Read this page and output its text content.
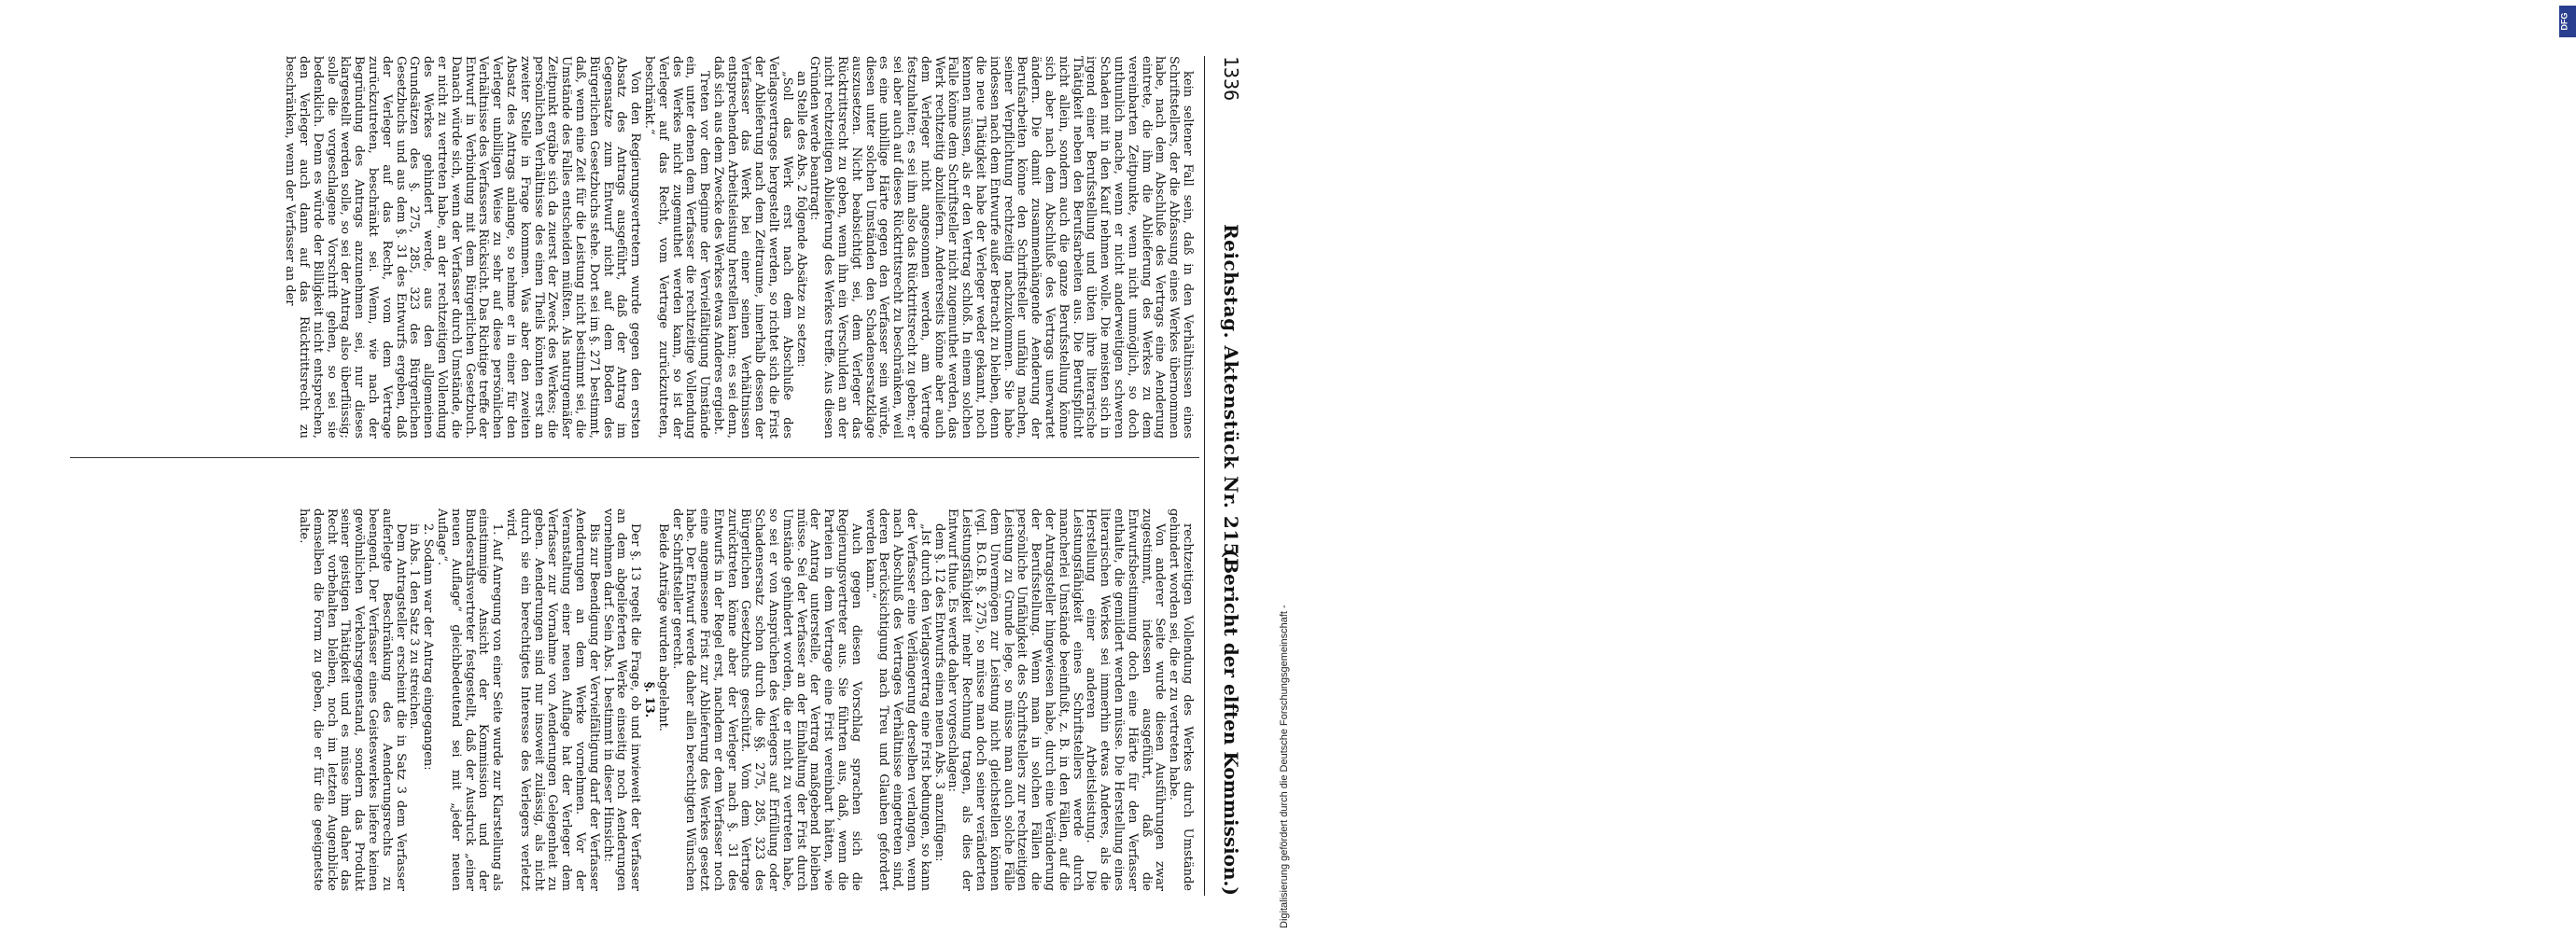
DFG
Digitalisierung gefördert durch die Deutsche Forschungsgemeinschaft -
1336
Reichstag. Aktenstück Nr. 215.
(Bericht der elften Kommission.)

kein seltener Fall sein, daß in den Verhältnissen eines Schriftstellers, der die Abfassung eines Werkes übernommen habe, nach dem Abschluße des Vertrags eine Aenderung eintrete, die ihm die Ablieferung des Werkes zu dem vereinbarten Zeitpunkte, wenn nicht unmöglich, so doch unthunlich mache, wenn er nicht anderweitigen schweren Schaden mit in den Kauf nehmen wolle. Die meisten sich in irgend einer Berufsstellung und übten ihre literarische Thätigkeit neben den Berufsarbeiten aus. Die Berufspflicht nicht allein, sondern auch die ganze Berufsstellung könne sich aber nach dem Abschluße des Vertrags unerwartet ändern. Die damit zusammenhängende Aenderung der Berufsarbeiten könne den Schriftsteller unfähig machen, seiner Verpflichtung rechtzeitig nachzukommen. Sie habe indessen nach dem Entwurfe außer Betracht zu bleiben, denn die neue Thätigkeit habe der Verleger weder gekannt, noch kennen müssen, als er den Vertrag schloß. In einem solchen Falle könne dem Schriftsteller nicht zugemuthet werden, das Werk rechtzeitig abzuliefern. Andererseits könne aber auch dem Verleger nicht angesonnen werden, am Vertrage festzuhalten; es sei ihm also das Rücktrittsrecht zu geben; er sei aber auch auf dieses Rücktrittsrecht zu beschränken, weil es eine unbillige Härte gegen den Verfasser sein würde, diesen unter solchen Umständen den Schadensersatzklage auszusetzen. Nicht beabsichtigt sei, dem Verleger das Rücktrittsrecht zu geben, wenn ihn ein Verschulden an der nicht rechtzeitigen Ablieferung des Werkes treffe. Aus diesen Gründen werde beantragt:

an Stelle des Abs. 2 folgende Absätze zu setzen:

„Soll das Werk erst nach dem Abschluße des Verlagsvertrages hergestellt werden, so richtet sich die Frist der Ablieferung nach dem Zeitraume, innerhalb dessen der Verfasser das Werk bei einer seinen Verhältnissen entsprechenden Arbeitsleistung herstellen kann; es sei denn, daß sich aus dem Zwecke des Werkes etwas Anderes ergiebt.

Treten vor dem Beginne der Vervielfältigung Umstände ein, unter denen dem Verfasser die rechtzeitige Vollendung des Werkes nicht zugemuthet werden kann, so ist der Verleger auf das Recht, vom Vertrage zurückzutreten, beschränkt.“

Von den Regierungsvertretern wurde gegen den ersten Absatz des Antrags ausgeführt, daß der Antrag im Gegensatze zum Entwurf nicht auf dem Boden des Bürgerlichen Gesetzbuchs stehe. Dort sei im §. 271 bestimmt, daß, wenn eine Zeit für die Leistung nicht bestimmt sei, die Umstände des Falles entscheiden müßten. Als naturgemäßer Zeitpunkt ergäbe sich da zuerst der Zweck des Werkes; die persönlichen Verhältnisse des einen Theils könnten erst an zweiter Stelle in Frage kommen. Was aber den zweiten Absatz des Antrags anlange, so nehme er in einer für den Verleger unbilligen Weise zu sehr auf diese persönlichen Verhältnisse des Verfassers Rücksicht. Das Richtige treffe der Entwurf in Verbindung mit dem Bürgerlichen Gesetzbuch. Danach würde sich, wenn der Verfasser durch Umstände, die er nicht zu vertreten habe, an der rechtzeitigen Vollendung des Werkes gehindert werde, aus den allgemeinen Grundsätzen des §. 275, 285, 323 des Bürgerlichen Gesetzbuchs und aus dem §. 31 des Entwurfs ergeben, daß der Verleger auf das Recht, vom dem Vertrage zurückzutreten, beschränkt sei. Wenn, wie nach der Begründung des Antrags anzunehmen sei, nur dieses klargestellt werden solle, so sei der Antrag also überflüssig; solle die vorgeschlagene Vorschrift gehen, so sei sie bedenklich. Denn es würde der Billigkeit nicht entsprechen, den Verleger auch dann auf das Rücktrittsrecht zu beschränken, wenn der Verfasser an der

rechtzeitigen Vollendung des Werkes durch Umstände gehindert worden sei, die er zu vertreten habe.

Von anderer Seite wurde diesen Ausführungen zwar zugestimmt, indessen ausgeführt, daß die Entwurfsbestimmung doch eine Härte für den Verfasser enthalte, die gemildert werden müsse. Die Herstellung eines literarischen Werkes sei immerhin etwas Anderes, als die Herstellung einer anderen Arbeitsleistung. Die Leistungsfähigkeit eines Schriftstellers werde durch mancherlei Umstände beeinflußt, z. B. in den Fällen, auf die der Antragsteller hingewiesen habe, durch eine Veränderung der Berufsstellung. Wenn man in solchen Fällen die persönliche Unfähigkeit des Schriftstellers zur rechtzeitigen Leistung zu Grunde lege, so müsse man auch solche Fälle dem Unvermögen zur Leistung nicht gleichstellen können (vgl. B.G.B. §. 275), so müsse man doch seiner veränderten Leistungsfähigkeit mehr Rechnung tragen, als dies der Entwurf thue. Es werde daher vorgeschlagen:

dem §. 12 des Entwurfs einen neuen Abs. 3 anzufügen:

„Ist durch den Verlagsvertrag eine Frist bedungen, so kann der Verfasser eine Verlängerung derselben verlangen, wenn nach Abschluß des Vertrages Verhältnisse eingetreten sind, deren Berücksichtigung nach Treu und Glauben gefordert werden kann.“

Auch gegen diesen Vorschlag sprachen sich die Regierungsvertreter aus. Sie führten aus, daß, wenn die Parteien in dem Vertrage eine Frist vereinbart hätten, wie der Antrag unterstelle, der Vertrag maßgebend bleiben müsse. Sei der Verfasser an der Einhaltung der Frist durch Umstände gehindert worden, die er nicht zu vertreten habe, so sei er von Ansprüchen des Verlegers auf Erfüllung oder Schadensersatz schon durch die §§. 275, 285, 323 des Bürgerlichen Gesetzbuchs geschützt. Vom dem Vertrage zurücktreten könne aber der Verleger nach §. 31 des Entwurfs in der Regel erst, nachdem er dem Verfasser noch eine angemessene Frist zur Ablieferung des Werkes gesetzt habe. Der Entwurf werde daher allen berechtigten Wünschen der Schriftsteller gerecht.

Beide Anträge wurden abgelehnt.

§. 13.

Der §. 13 regelt die Frage, ob und inwieweit der Verfasser an dem abgelieferten Werke einseitig noch Aenderungen vornehmen darf. Sein Abs. 1 bestimmt in dieser Hinsicht:

Bis zur Beendigung der Vervielfältigung darf der Verfasser Aenderungen an dem Werke vornehmen. Vor der Veranstaltung einer neuen Auflage hat der Verleger dem Verfasser zur Vornahme von Aenderungen Gelegenheit zu geben. Aenderungen sind nur insoweit zulässig, als nicht durch sie ein berechtigtes Interesse des Verlegers verletzt wird.

1. Auf Anregung von einer Seite wurde zur Klarstellung als einstimmige Ansicht der Kommission und der Bundesrathsvertreter festgestellt, daß der Ausdruck „einer neuen Auflage“ gleichbedeutend sei mit „jeder neuen Auflage“.

2. Sodann war der Antrag eingegangen:

in Abs. 1 den Satz 3 zu streichen.

Dem Antragsteller erscheint die in Satz 3 dem Verfasser auferlegte Beschränkung des Aenderungsrechts zu beengend. Der Verfasser eines Geisteswerkes liefere keinen gewöhnlichen Verkehrsgegenstand, sondern das Produkt seiner geistigen Thätigkeit und es müsse ihm daher das Recht vorbehalten bleiben, noch im letzten Augenblicke demselben die Form zu geben, die er für die geeignetste halte.
